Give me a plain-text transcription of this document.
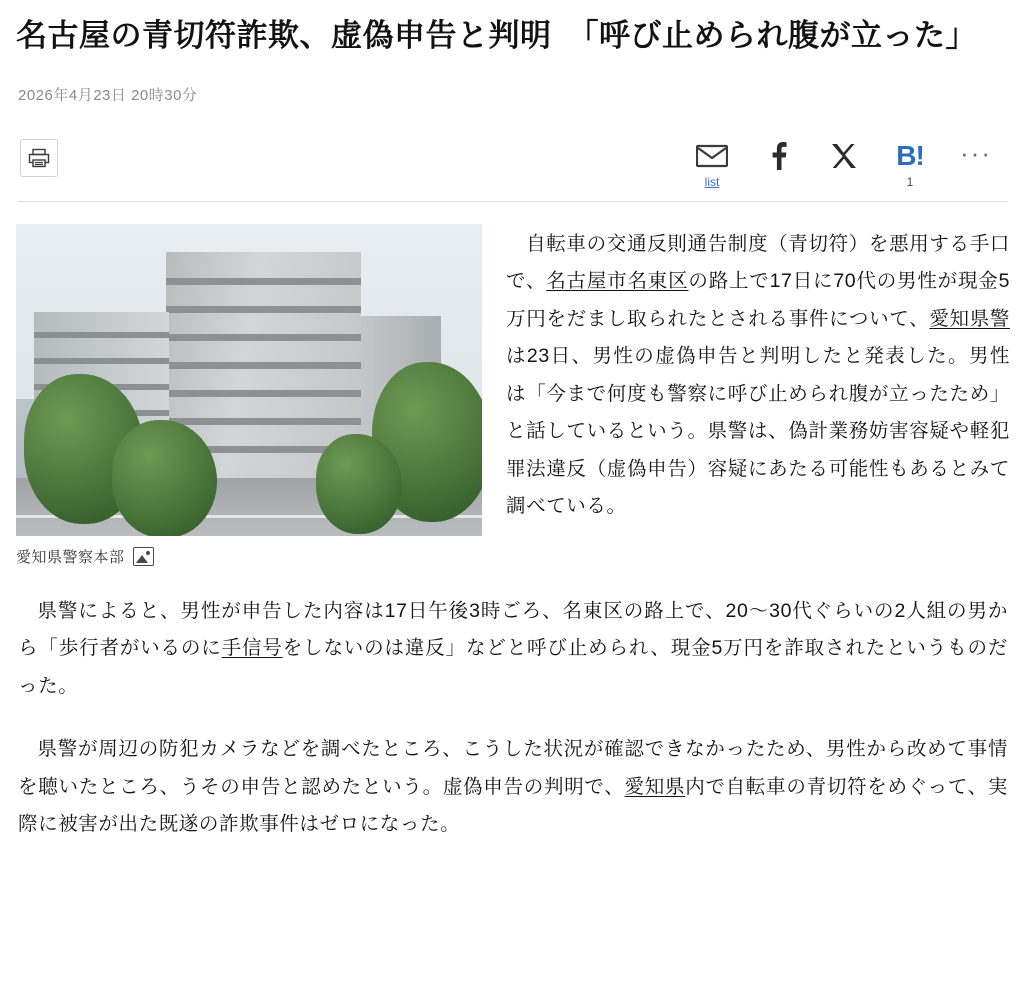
名古屋の青切符詐欺、虚偽申告と判明　「呼び止められ腹が立った」
2026年4月23日 20時30分
list
B!
1
···
愛知県警察本部
　自転車の交通反則通告制度（青切符）を悪用する手口で、名古屋市名東区の路上で17日に70代の男性が現金5万円をだまし取られたとされる事件について、愛知県警は23日、男性の虚偽申告と判明したと発表した。男性は「今まで何度も警察に呼び止められ腹が立ったため」と話しているという。県警は、偽計業務妨害容疑や軽犯罪法違反（虚偽申告）容疑にあたる可能性もあるとみて調べている。

県警によると、男性が申告した内容は17日午後3時ごろ、名東区の路上で、20〜30代ぐらいの2人組の男から「歩行者がいるのに手信号をしないのは違反」などと呼び止められ、現金5万円を詐取されたというものだった。

県警が周辺の防犯カメラなどを調べたところ、こうした状況が確認できなかったため、男性から改めて事情を聴いたところ、うその申告と認めたという。虚偽申告の判明で、愛知県内で自転車の青切符をめぐって、実際に被害が出た既遂の詐欺事件はゼロになった。
